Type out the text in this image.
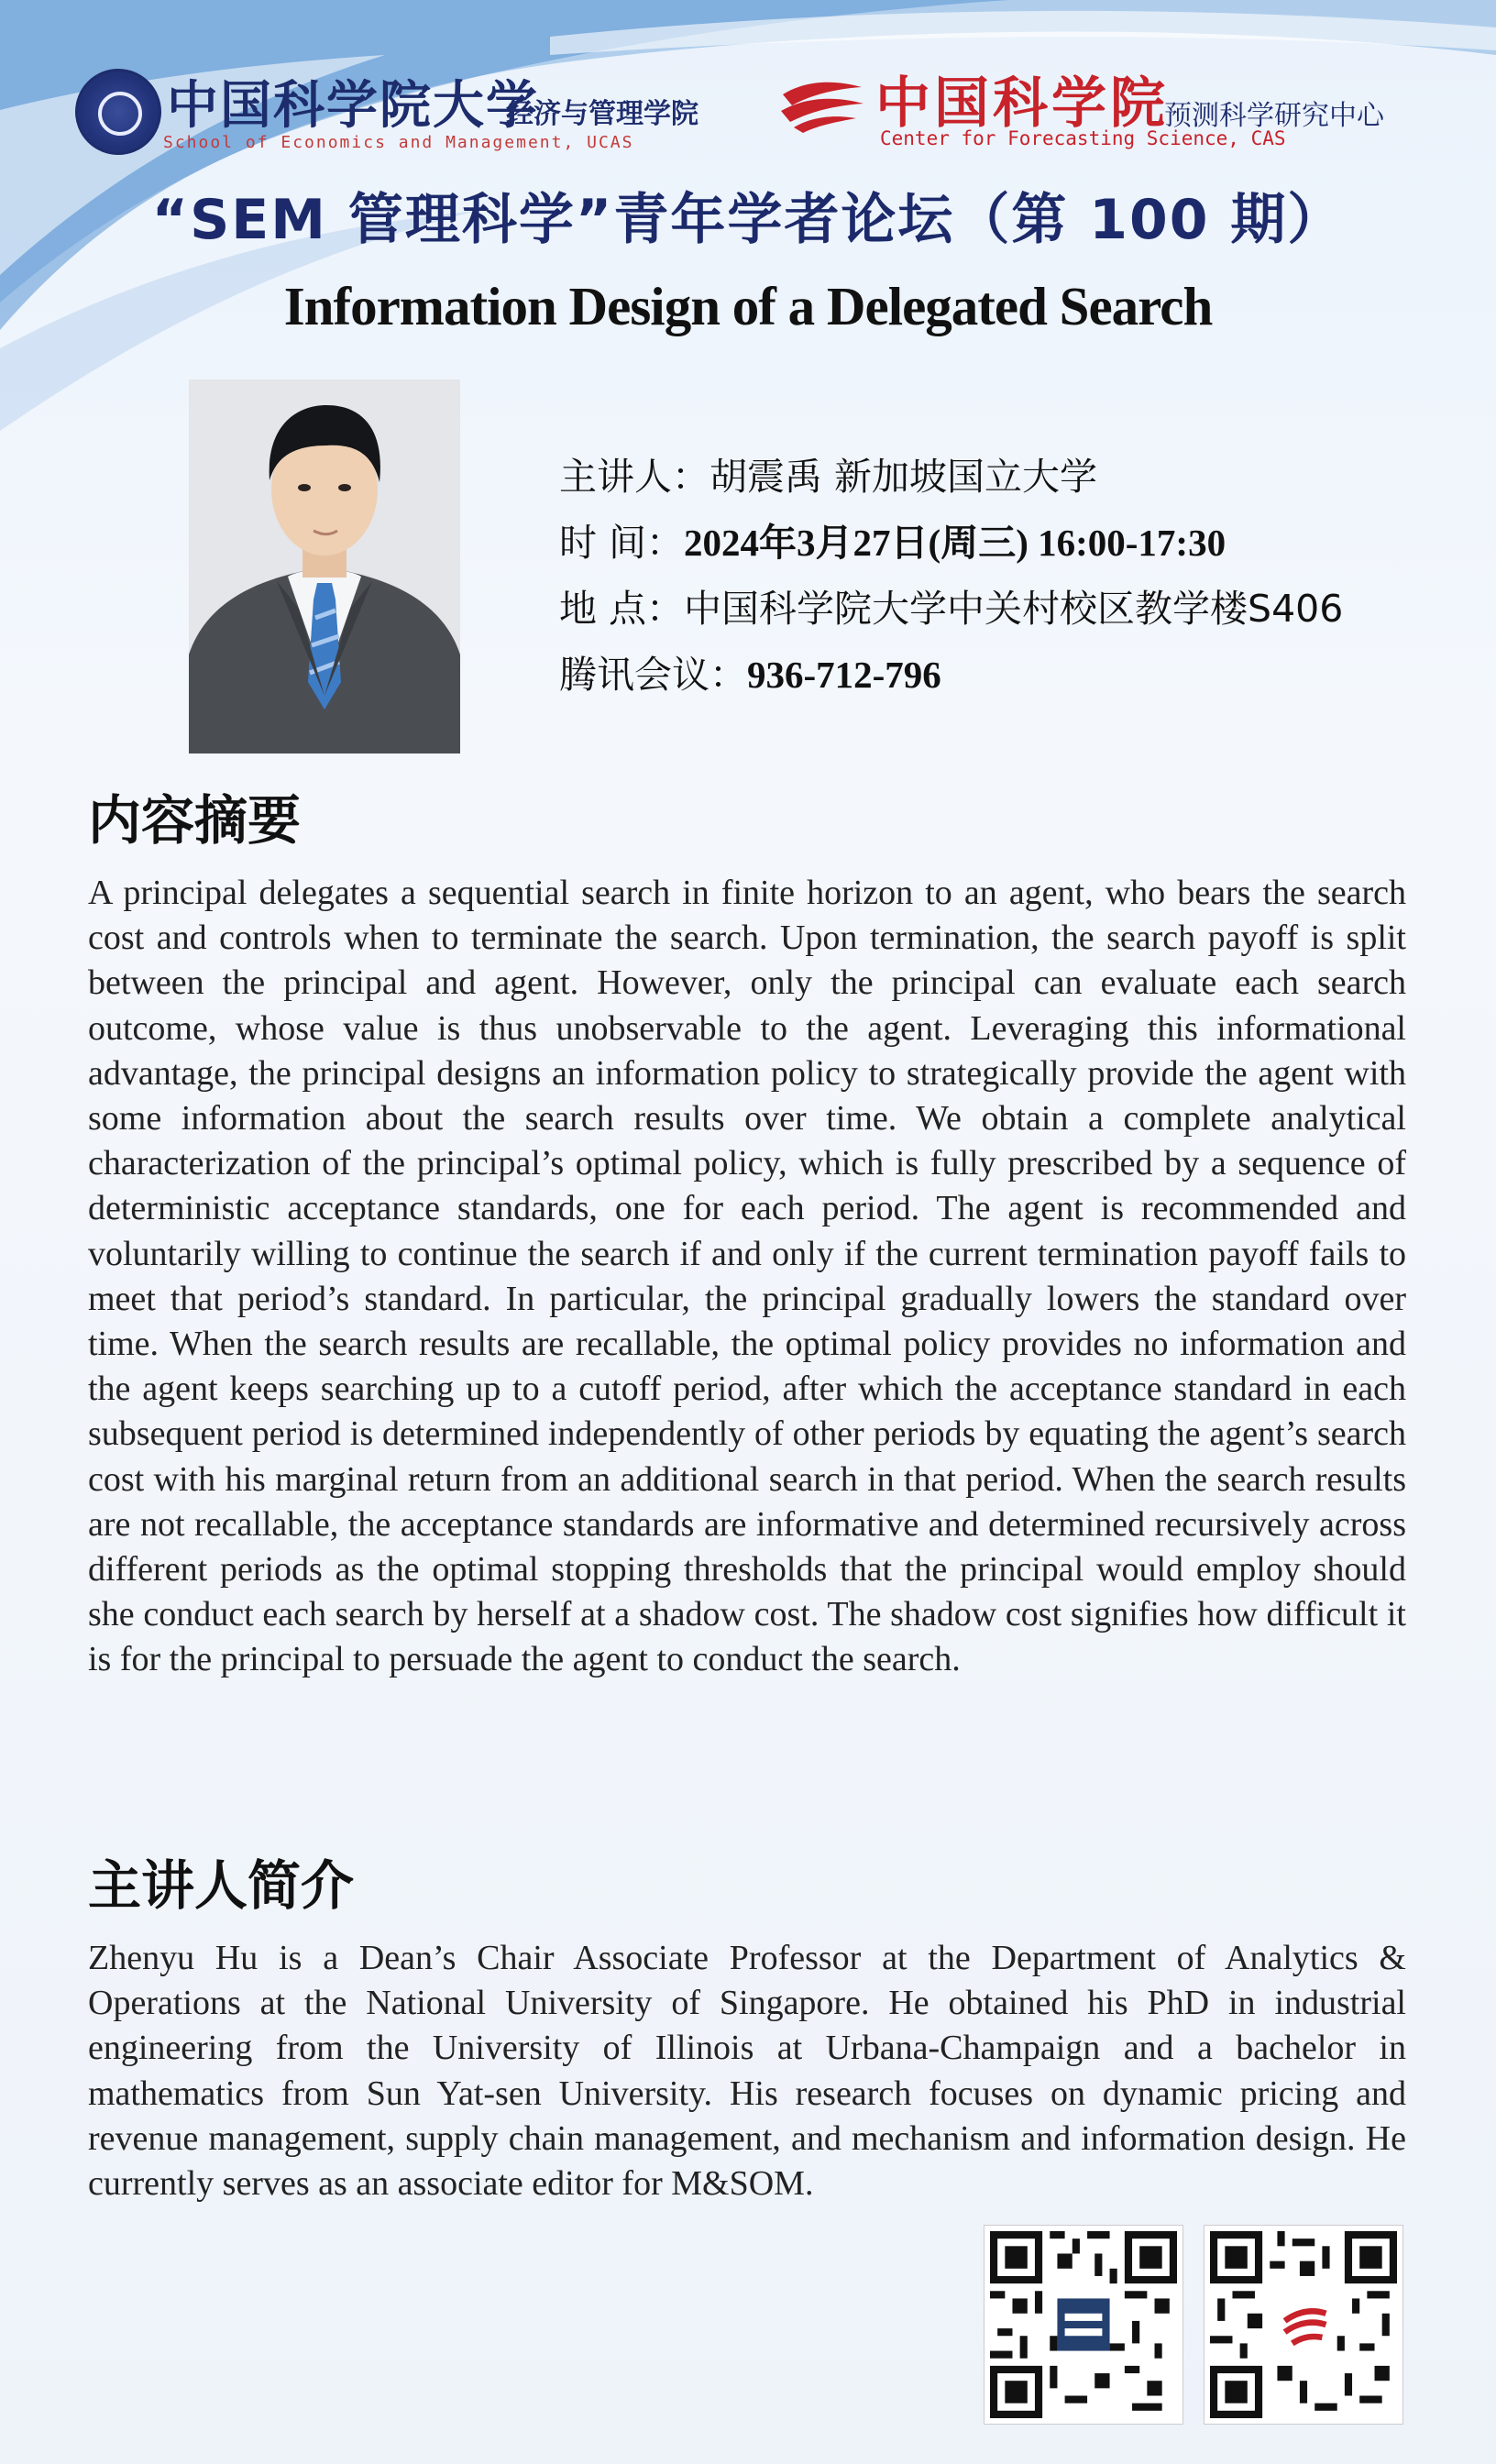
中国科学院大学
经济与管理学院
School of Economics and Management, UCAS
中国科学院
预测科学研究中心
Center for Forecasting Science, CAS
“SEM 管理科学”青年学者论坛（第 100 期）
Information Design of a Delegated Search
主讲人：胡震禹 新加坡国立大学
时 间：2024年3月27日(周三) 16:00-17:30
地 点：中国科学院大学中关村校区教学楼S406
腾讯会议：936-712-796
内容摘要
A principal delegates a sequential search in finite horizon to an agent, who bears the search cost and controls when to terminate the search. Upon termination, the search payoff is split between the principal and agent. However, only the principal can evaluate each search outcome, whose value is thus unobservable to the agent. Leveraging this informational advantage, the principal designs an information policy to strategically provide the agent with some information about the search results over time. We obtain a complete analytical characterization of the principal’s optimal policy, which is fully prescribed by a sequence of deterministic acceptance standards, one for each period. The agent is recommended and voluntarily willing to continue the search if and only if the current termination payoff fails to meet that period’s standard. In particular, the principal gradually lowers the standard over time. When the search results are recallable, the optimal policy provides no information and the agent keeps searching up to a cutoff period, after which the acceptance standard in each subsequent period is determined independently of other periods by equating the agent’s search cost with his marginal return from an additional search in that period. When the search results are not recallable, the acceptance standards are informative and determined recursively across different periods as the optimal stopping thresholds that the principal would employ should she conduct each search by herself at a shadow cost. The shadow cost signifies how difficult it is for the principal to persuade the agent to conduct the search.
主讲人简介
Zhenyu Hu is a Dean’s Chair Associate Professor at the Department of Analytics & Operations at the National University of Singapore. He obtained his PhD in industrial engineering from the University of Illinois at Urbana-Champaign and a bachelor in mathematics from Sun Yat-sen University. His research focuses on dynamic pricing and revenue management, supply chain management, and mechanism and information design. He currently serves as an associate editor for M&SOM.
